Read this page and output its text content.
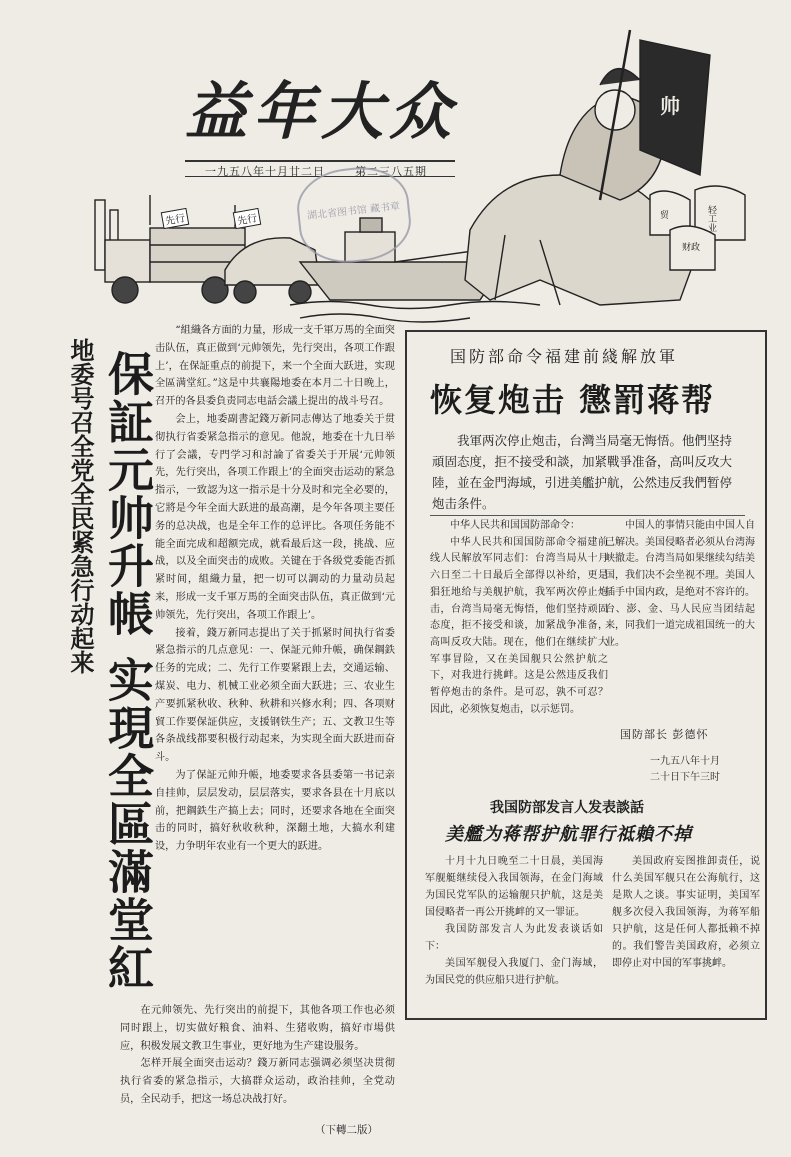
先行	先行
帅
贸	轻工业
财政
益年大众
一九五八年十月廿二日	第二三八五期
湖北省图书馆 藏书章
地委号召全党全民紧急行动起来 保証元帅升帳 实現全區滿堂紅

“組織各方面的力量，形成一支千軍万馬的全面突击队伍，真正做到‘元帅领先，先行突出，各项工作跟上’，在保証重点的前提下，来一个全面大跃进，实现全區满堂紅。”这是中共襄陽地委在本月二十日晚上，召开的各县委負责同志电話会議上提出的战斗号召。

会上，地委副書記錢万新同志傳达了地委关于贯彻执行省委紧急指示的意见。他說，地委在十九日举行了会議，专門学习和討論了省委关于开展‘元帅领先，先行突出，各项工作跟上’的全面突击运动的紧急指示，一致認为这一指示是十分及时和完全必要的，它將是今年全面大跃进的最高潮，是今年各项主要任务的总决战，也是全年工作的总评比。各项任务能不能全面完成和超额完成，就看最后这一段，挑战、应战，以及全面突击的成败。关键在于各级党委能否抓紧时间，組織力量，把一切可以調动的力量动员起来，形成一支千軍万馬的全面突击队伍，真正做到‘元帅领先，先行突出，各项工作跟上’。

接着，錢万新同志提出了关于抓紧时间执行省委紧急指示的几点意见：一、保証元帅升帳，确保鋼鉄任务的完成；二、先行工作要紧跟上去，交通运输、煤炭、电力、机械工业必须全面大跃进；三、农业生产要抓紧秋收、秋种、秋耕和兴修水利；四、各项财貿工作要保証供应，支援钢铁生产；五、文教卫生等各条战线都要积极行动起来，为实现全面大跃进而奋斗。

为了保証元帅升帳，地委要求各县委第一书记亲自挂帅，层层发动，层层落实，要求各县在十月底以前，把鋼鉄生产搞上去；同时，还要求各地在全面突击的同时，搞好秋收秋种，深翻土地，大搞水利建设，力争明年农业有一个更大的跃进。

在元帅领先、先行突出的前提下，其他各项工作也必须同时跟上，切实做好粮食、油料、生猪收购，搞好市場供应，积极发展文教卫生事业，更好地为生产建设服务。

怎样开展全面突击运动？錢万新同志强调必须坚决贯彻执行省委的紧急指示，大搞群众运动，政治挂帅，全党动员，全民动手，把这一场总决战打好。

（下轉二版）
国防部命令福建前綫解放軍
恢复炮击 懲罰蒋帮

我軍两次停止炮击，台灣当局毫无悔悟。他們坚持頑固态度，拒不接受和談，加紧戰爭准备，高叫反攻大陸，並在金門海域，引进美艦护航，公然违反我們暂停炮击条件。

中华人民共和国国防部命令：

中华人民共和国国防部命令福建前线人民解放军同志们：台湾当局从十月六日至二十日最后全部得以补给，更是猖狂地给与美舰护航，我军两次停止炮击，台湾当局毫无悔悟，他们坚持顽固态度，拒不接受和谈，加紧战争准备，高叫反攻大陆。现在，他们在继续扩大军事冒险，又在美国舰只公然护航之下，对我进行挑衅。这是公然违反我们暂停炮击的条件。是可忍，孰不可忍？因此，必须恢复炮击，以示惩罚。

中国人的事情只能由中国人自己解决。美国侵略者必须从台湾海峡撤走。台湾当局如果继续勾结美国，我们决不会坐视不理。美国人插手中国内政，是绝对不容许的。台、澎、金、马人民应当团结起来，同我们一道完成祖国统一的大业。

国防部长 彭德怀
一九五八年十月
二十日下午三时
我国防部发言人发表談話
美艦为蒋帮护航罪行祗賴不掉

十月十九日晚至二十日晨，美国海军舰艇继续侵入我国领海，在金门海域为国民党军队的运输舰只护航，这是美国侵略者一再公开挑衅的又一罪证。

我国防部发言人为此发表谈话如下：

美国军舰侵入我厦门、金门海域，为国民党的供应船只进行护航。

美国政府妄图推卸责任，说什么美国军舰只在公海航行，这是欺人之谈。事实证明，美国军舰多次侵入我国领海，为蒋军船只护航，这是任何人都抵赖不掉的。我们警告美国政府，必须立即停止对中国的军事挑衅。
